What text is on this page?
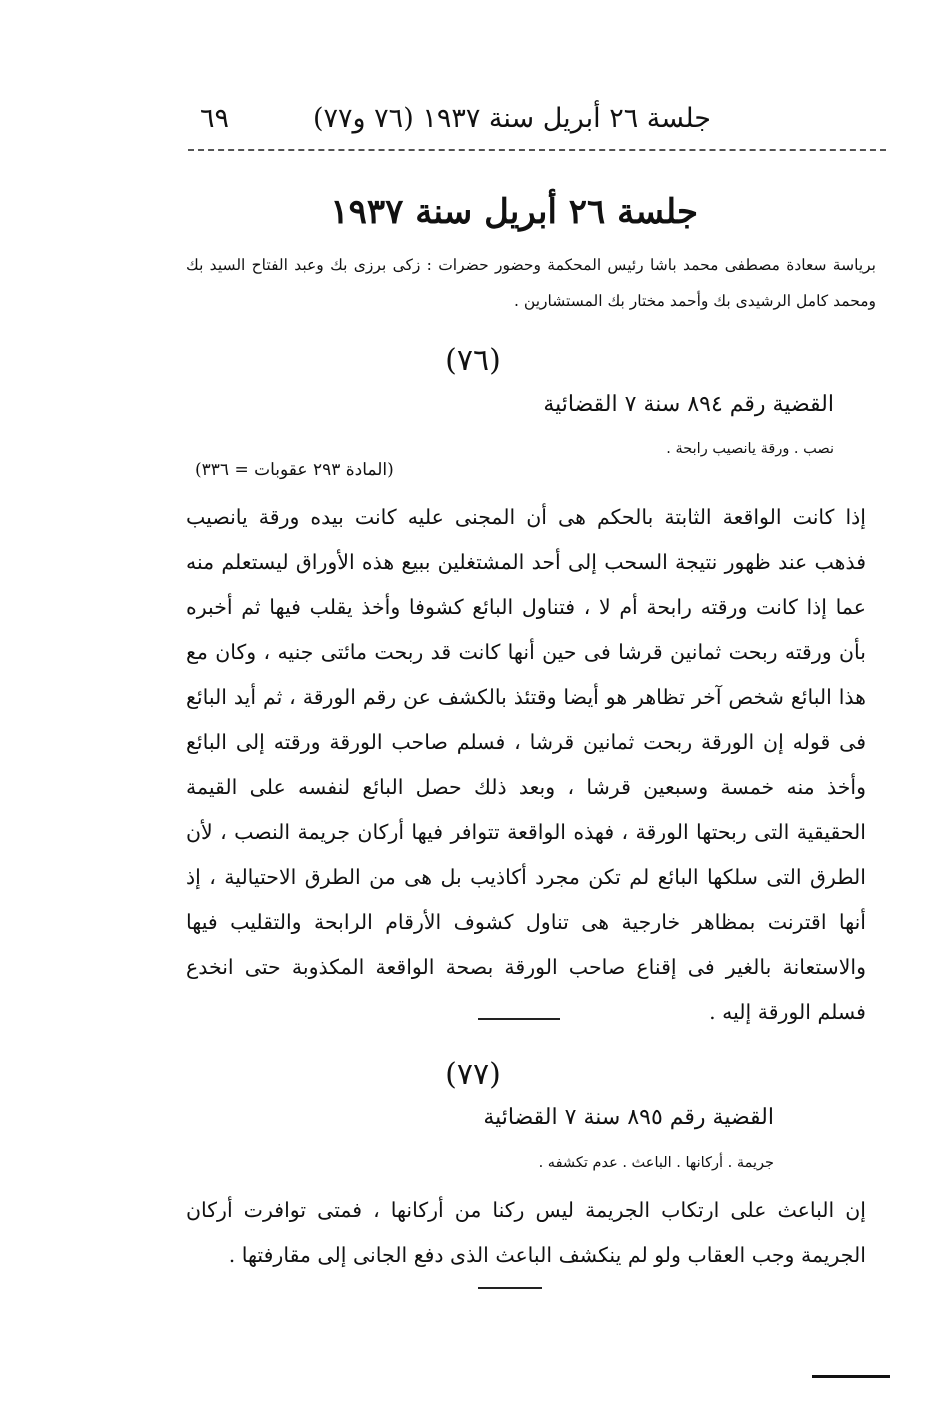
جلسة ٢٦ أبريل سنة ١٩٣٧ (٧٦ و٧٧)
٦٩
جلسة ٢٦ أبريل سنة ١٩٣٧
برياسة سعادة مصطفى محمد باشا رئيس المحكمة وحضور حضرات : زكى برزى بك وعبد الفتاح السيد بك ومحمد كامل الرشيدى بك وأحمد مختار بك المستشارين .
(٧٦)
القضية رقم ٨٩٤ سنة ٧ القضائية
نصب . ورقة يانصيب رابحة .
(المادة ٢٩٣ عقوبات = ٣٣٦)
إذا كانت الواقعة الثابتة بالحكم هى أن المجنى عليه كانت بيده ورقة يانصيب فذهب عند ظهور نتيجة السحب إلى أحد المشتغلين ببيع هذه الأوراق ليستعلم منه عما إذا كانت ورقته رابحة أم لا ، فتناول البائع كشوفا وأخذ يقلب فيها ثم أخبره بأن ورقته ربحت ثمانين قرشا فى حين أنها كانت قد ربحت مائتى جنيه ، وكان مع هذا البائع شخص آخر تظاهر هو أيضا وقتئذ بالكشف عن رقم الورقة ، ثم أيد البائع فى قوله إن الورقة ربحت ثمانين قرشا ، فسلم صاحب الورقة ورقته إلى البائع وأخذ منه خمسة وسبعين قرشا ، وبعد ذلك حصل البائع لنفسه على القيمة الحقيقية التى ربحتها الورقة ، فهذه الواقعة تتوافر فيها أركان جريمة النصب ، لأن الطرق التى سلكها البائع لم تكن مجرد أكاذيب بل هى من الطرق الاحتيالية ، إذ أنها اقترنت بمظاهر خارجية هى تناول كشوف الأرقام الرابحة والتقليب فيها والاستعانة بالغير فى إقناع صاحب الورقة بصحة الواقعة المكذوبة حتى انخدع فسلم الورقة إليه .
(٧٧)
القضية رقم ٨٩٥ سنة ٧ القضائية
جريمة . أركانها . الباعث . عدم تكشفه .
إن الباعث على ارتكاب الجريمة ليس ركنا من أركانها ، فمتى توافرت أركان الجريمة وجب العقاب ولو لم ينكشف الباعث الذى دفع الجانى إلى مقارفتها .
